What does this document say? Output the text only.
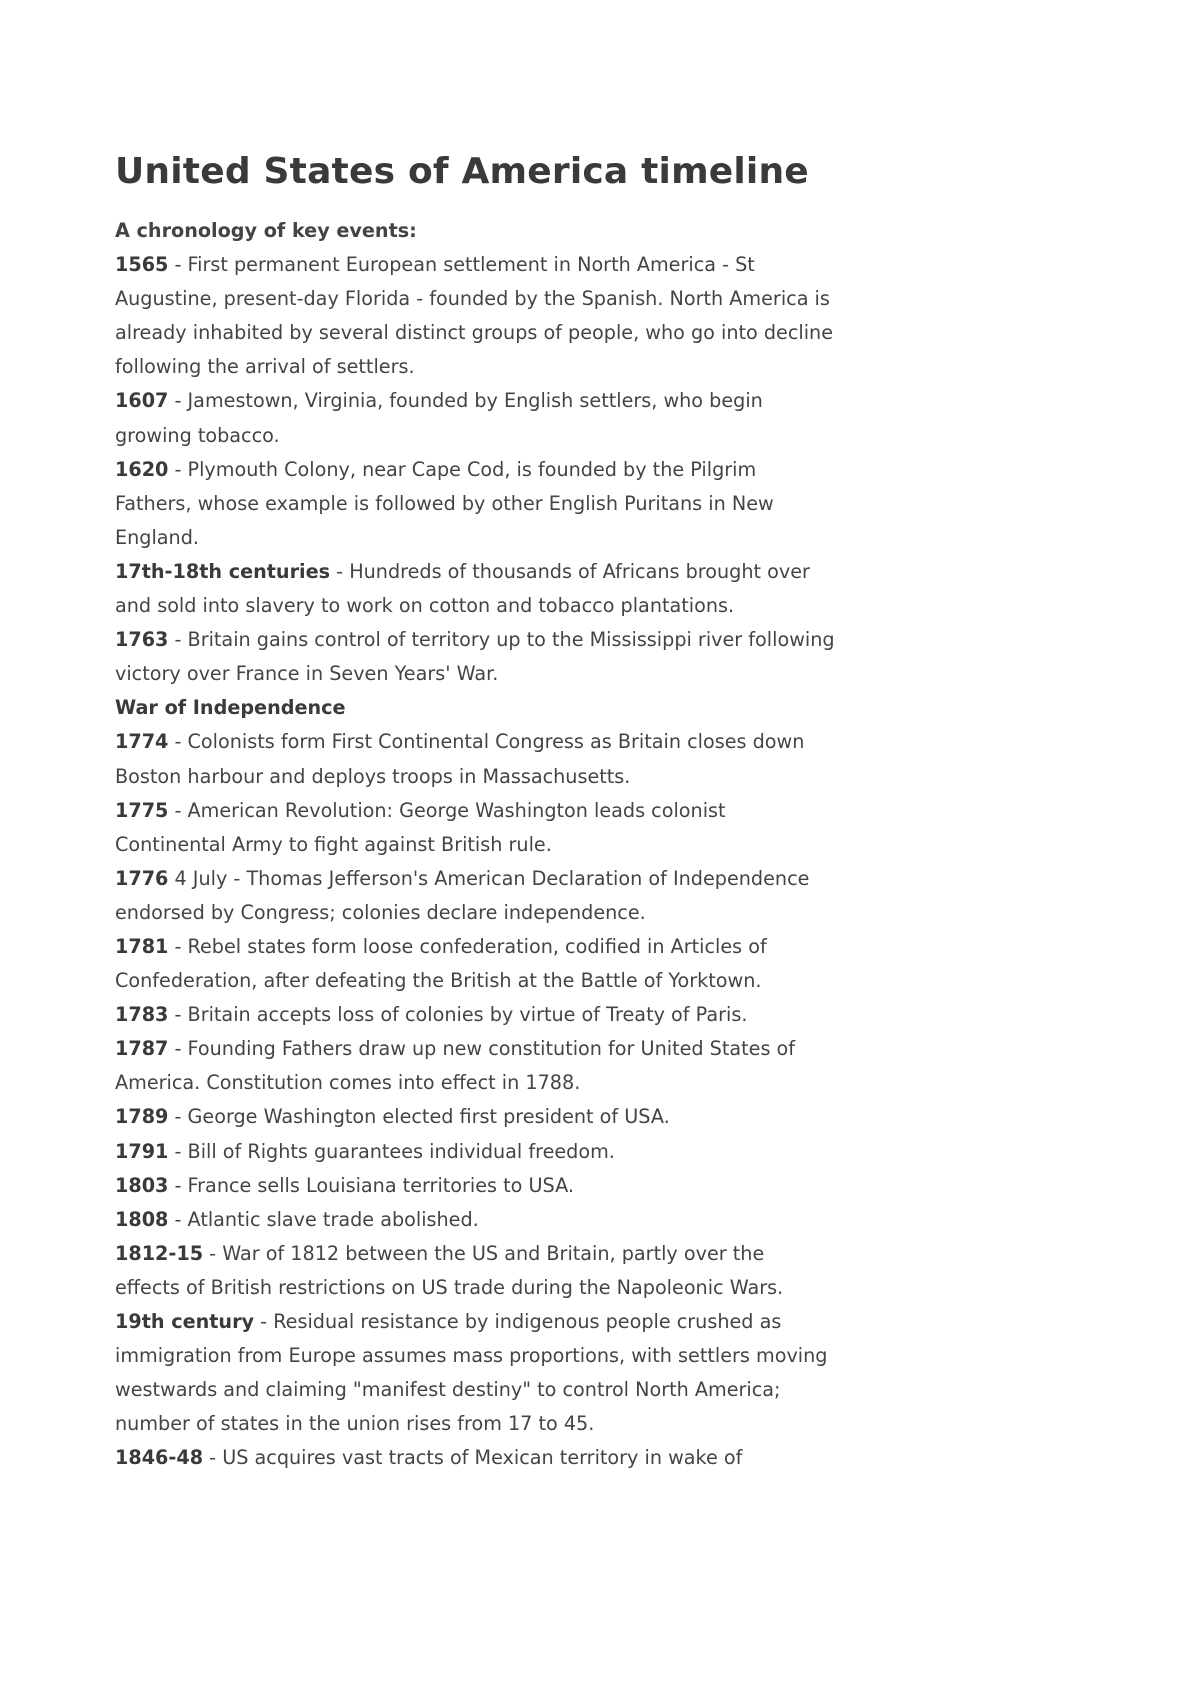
United States of America timeline
A chronology of key events:
1565 - First permanent European settlement in North America - St Augustine, present-day Florida - founded by the Spanish. North America is already inhabited by several distinct groups of people, who go into decline following the arrival of settlers.
1607 - Jamestown, Virginia, founded by English settlers, who begin growing tobacco.
1620 - Plymouth Colony, near Cape Cod, is founded by the Pilgrim Fathers, whose example is followed by other English Puritans in New England.
17th-18th centuries - Hundreds of thousands of Africans brought over and sold into slavery to work on cotton and tobacco plantations.
1763 - Britain gains control of territory up to the Mississippi river following victory over France in Seven Years' War.
War of Independence
1774 - Colonists form First Continental Congress as Britain closes down Boston harbour and deploys troops in Massachusetts.
1775 - American Revolution: George Washington leads colonist Continental Army to fight against British rule.
1776 4 July - Thomas Jefferson's American Declaration of Independence endorsed by Congress; colonies declare independence.
1781 - Rebel states form loose confederation, codified in Articles of Confederation, after defeating the British at the Battle of Yorktown.
1783 - Britain accepts loss of colonies by virtue of Treaty of Paris.
1787 - Founding Fathers draw up new constitution for United States of America. Constitution comes into effect in 1788.
1789 - George Washington elected first president of USA.
1791 - Bill of Rights guarantees individual freedom.
1803 - France sells Louisiana territories to USA.
1808 - Atlantic slave trade abolished.
1812-15 - War of 1812 between the US and Britain, partly over the effects of British restrictions on US trade during the Napoleonic Wars.
19th century - Residual resistance by indigenous people crushed as immigration from Europe assumes mass proportions, with settlers moving westwards and claiming "manifest destiny" to control North America; number of states in the union rises from 17 to 45.
1846-48 - US acquires vast tracts of Mexican territory in wake of
